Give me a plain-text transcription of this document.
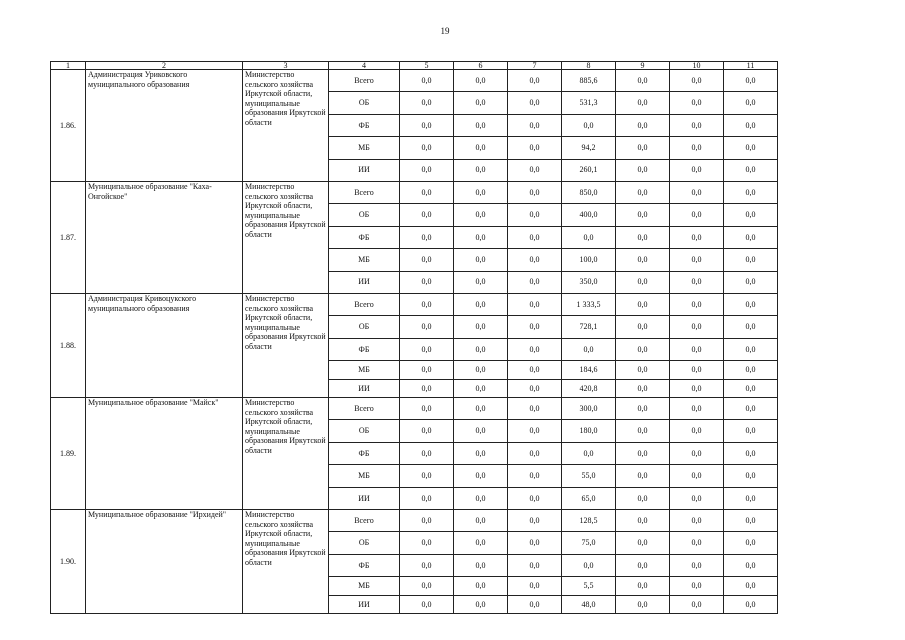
19
1	2	3	4	5	6	7	8	9	10	11
1.86.	Администрация Уриковского муниципального образования	Министерство сельского хозяйства Иркутской области, муниципальные образования Иркутской области	Всего	0,0	0,0	0,0	885,6	0,0	0,0	0,0
			ОБ	0,0	0,0	0,0	531,3	0,0	0,0	0,0
			ФБ	0,0	0,0	0,0	0,0	0,0	0,0	0,0
			МБ	0,0	0,0	0,0	94,2	0,0	0,0	0,0
			ИИ	0,0	0,0	0,0	260,1	0,0	0,0	0,0
1.87.	Муниципальное образование "Каха-Онгойское"	Министерство сельского хозяйства Иркутской области, муниципальные образования Иркутской области	Всего	0,0	0,0	0,0	850,0	0,0	0,0	0,0
			ОБ	0,0	0,0	0,0	400,0	0,0	0,0	0,0
			ФБ	0,0	0,0	0,0	0,0	0,0	0,0	0,0
			МБ	0,0	0,0	0,0	100,0	0,0	0,0	0,0
			ИИ	0,0	0,0	0,0	350,0	0,0	0,0	0,0
1.88.	Администрация Кривоцукского муниципального образования	Министерство сельского хозяйства Иркутской области, муниципальные образования Иркутской области	Всего	0,0	0,0	0,0	1 333,5	0,0	0,0	0,0
			ОБ	0,0	0,0	0,0	728,1	0,0	0,0	0,0
			ФБ	0,0	0,0	0,0	0,0	0,0	0,0	0,0
			МБ	0,0	0,0	0,0	184,6	0,0	0,0	0,0
			ИИ	0,0	0,0	0,0	420,8	0,0	0,0	0,0
1.89.	Муниципальное образование "Майск"	Министерство сельского хозяйства Иркутской области, муниципальные образования Иркутской области	Всего	0,0	0,0	0,0	300,0	0,0	0,0	0,0
			ОБ	0,0	0,0	0,0	180,0	0,0	0,0	0,0
			ФБ	0,0	0,0	0,0	0,0	0,0	0,0	0,0
			МБ	0,0	0,0	0,0	55,0	0,0	0,0	0,0
			ИИ	0,0	0,0	0,0	65,0	0,0	0,0	0,0
1.90.	Муниципальное образование "Ирхидей"	Министерство сельского хозяйства Иркутской области, муниципальные образования Иркутской области	Всего	0,0	0,0	0,0	128,5	0,0	0,0	0,0
			ОБ	0,0	0,0	0,0	75,0	0,0	0,0	0,0
			ФБ	0,0	0,0	0,0	0,0	0,0	0,0	0,0
			МБ	0,0	0,0	0,0	5,5	0,0	0,0	0,0
			ИИ	0,0	0,0	0,0	48,0	0,0	0,0	0,0
